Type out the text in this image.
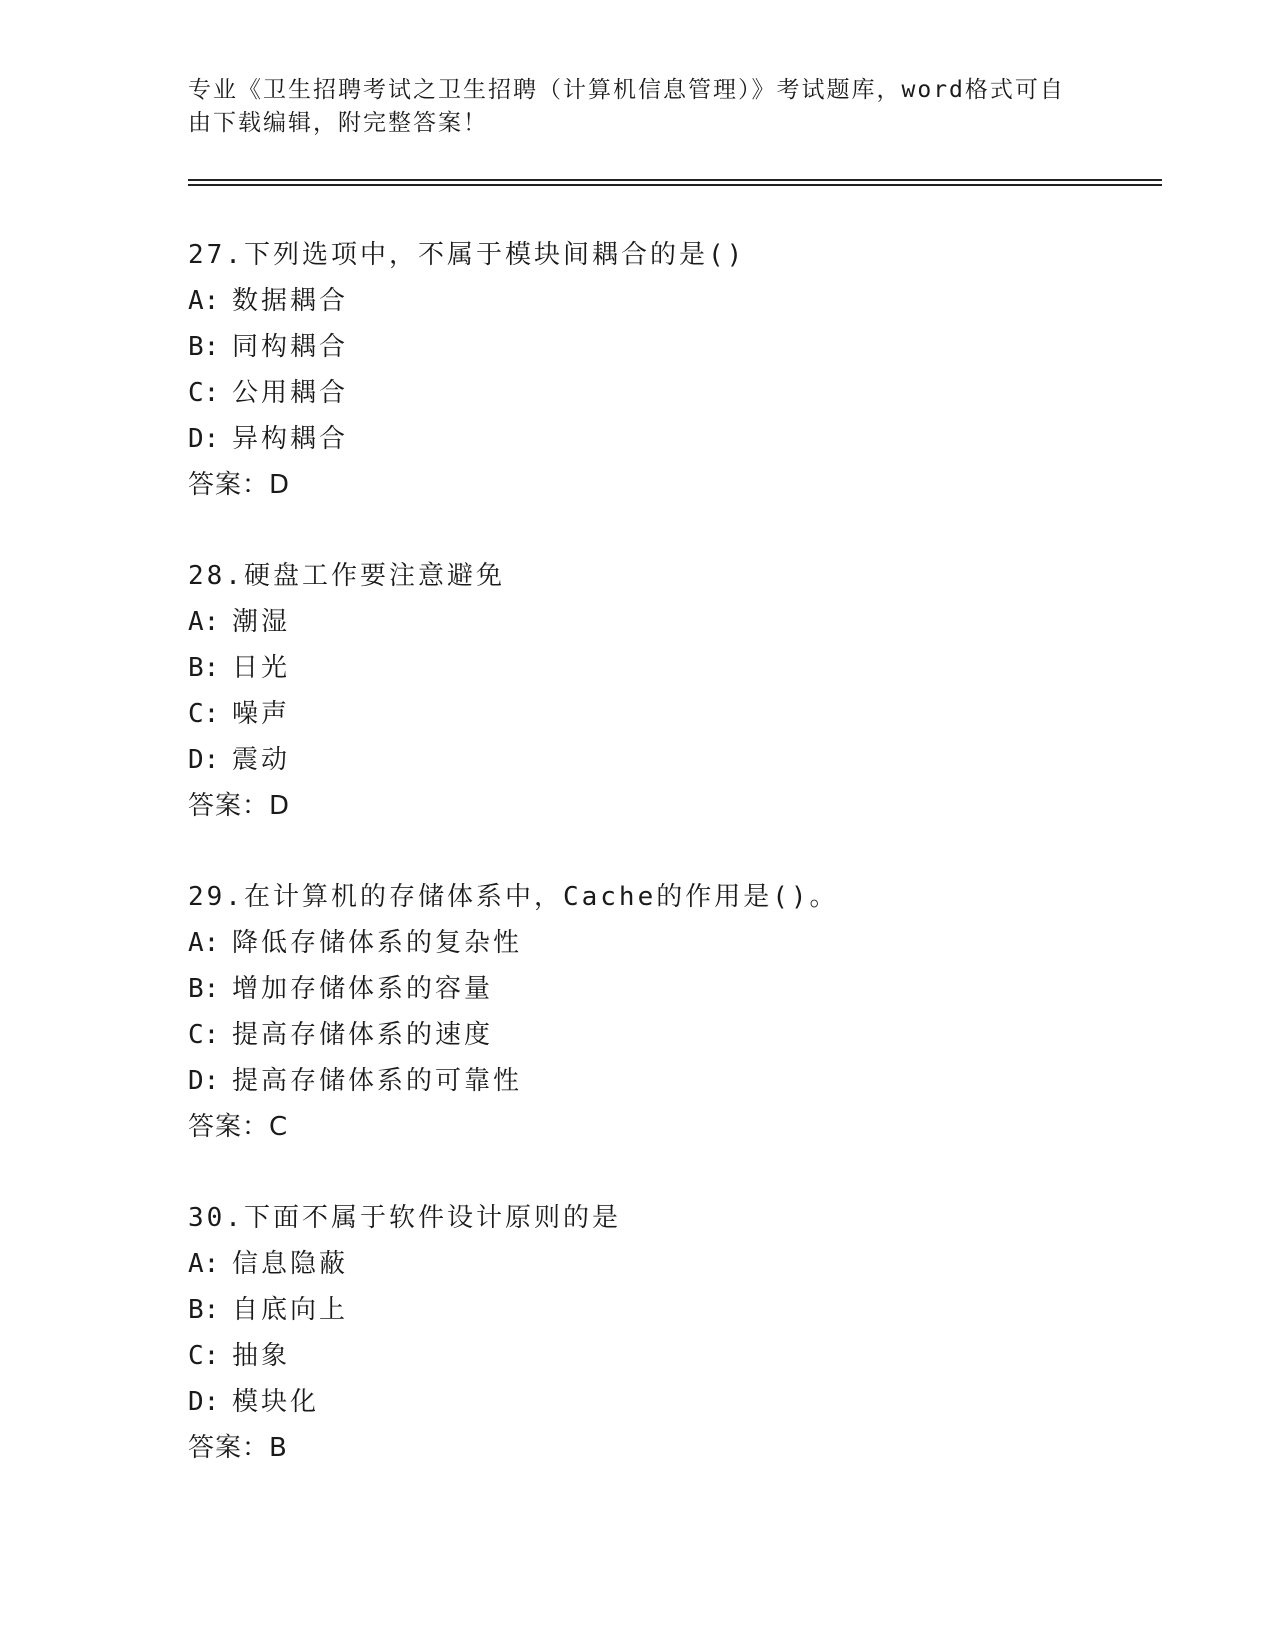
专业《卫生招聘考试之卫生招聘（计算机信息管理）》考试题库，word格式可自
由下载编辑，附完整答案！
27.下列选项中，不属于模块间耦合的是()
A: 数据耦合
B: 同构耦合
C: 公用耦合
D: 异构耦合
答案：D
28.硬盘工作要注意避免
A: 潮湿
B: 日光
C: 噪声
D: 震动
答案：D
29.在计算机的存储体系中，Cache的作用是()。
A: 降低存储体系的复杂性
B: 增加存储体系的容量
C: 提高存储体系的速度
D: 提高存储体系的可靠性
答案：C
30.下面不属于软件设计原则的是
A: 信息隐蔽
B: 自底向上
C: 抽象
D: 模块化
答案：B
